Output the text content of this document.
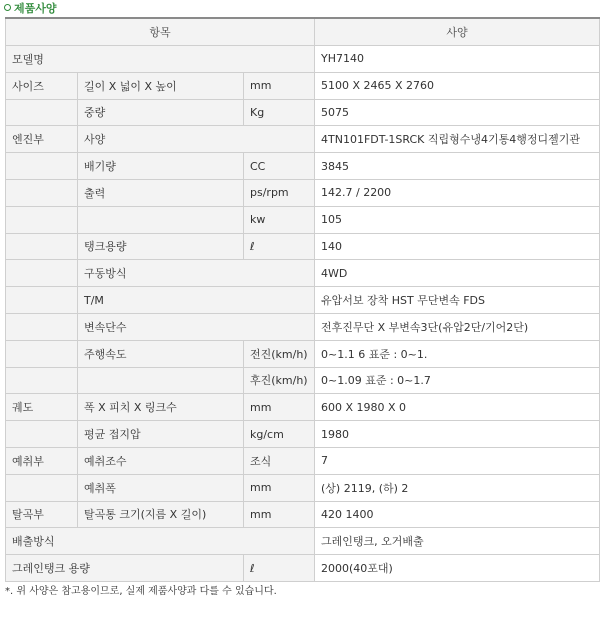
제품사양
항목			사양
모델명			YH7140
사이즈	길이 X 넓이 X 높이	mm	5100 X 2465 X 2760
	중량	Kg	5075
엔진부	사양		4TN101FDT-1SRCK 직립형수냉4기통4행정디젤기관
	배기량	CC	3845
	출력	ps/rpm	142.7 / 2200
		kw	105
	탱크용량	ℓ	140
	구동방식		4WD
	T/M		유압서보 장착 HST 무단변속 FDS
	변속단수		전후진무단 X 부변속3단(유압2단/기어2단)
	주행속도	전진(km/h)	0~1.1 6 표준 : 0~1.
		후진(km/h)	0~1.09 표준 : 0~1.7
궤도	폭 X 피치 X 링크수	mm	600 X 1980 X 0
	평균 접지압	kg/cm	1980
예취부	예취조수	조식	7
	예취폭	mm	(상) 2119, (하) 2
탈곡부	탈곡통 크기(지름 X 길이)	mm	420 1400
배출방식			그레인탱크, 오거배출
그레인탱크 용량		ℓ	2000(40포대)
*. 위 사양은 참고용이므로, 실제 제품사양과 다를 수 있습니다.
